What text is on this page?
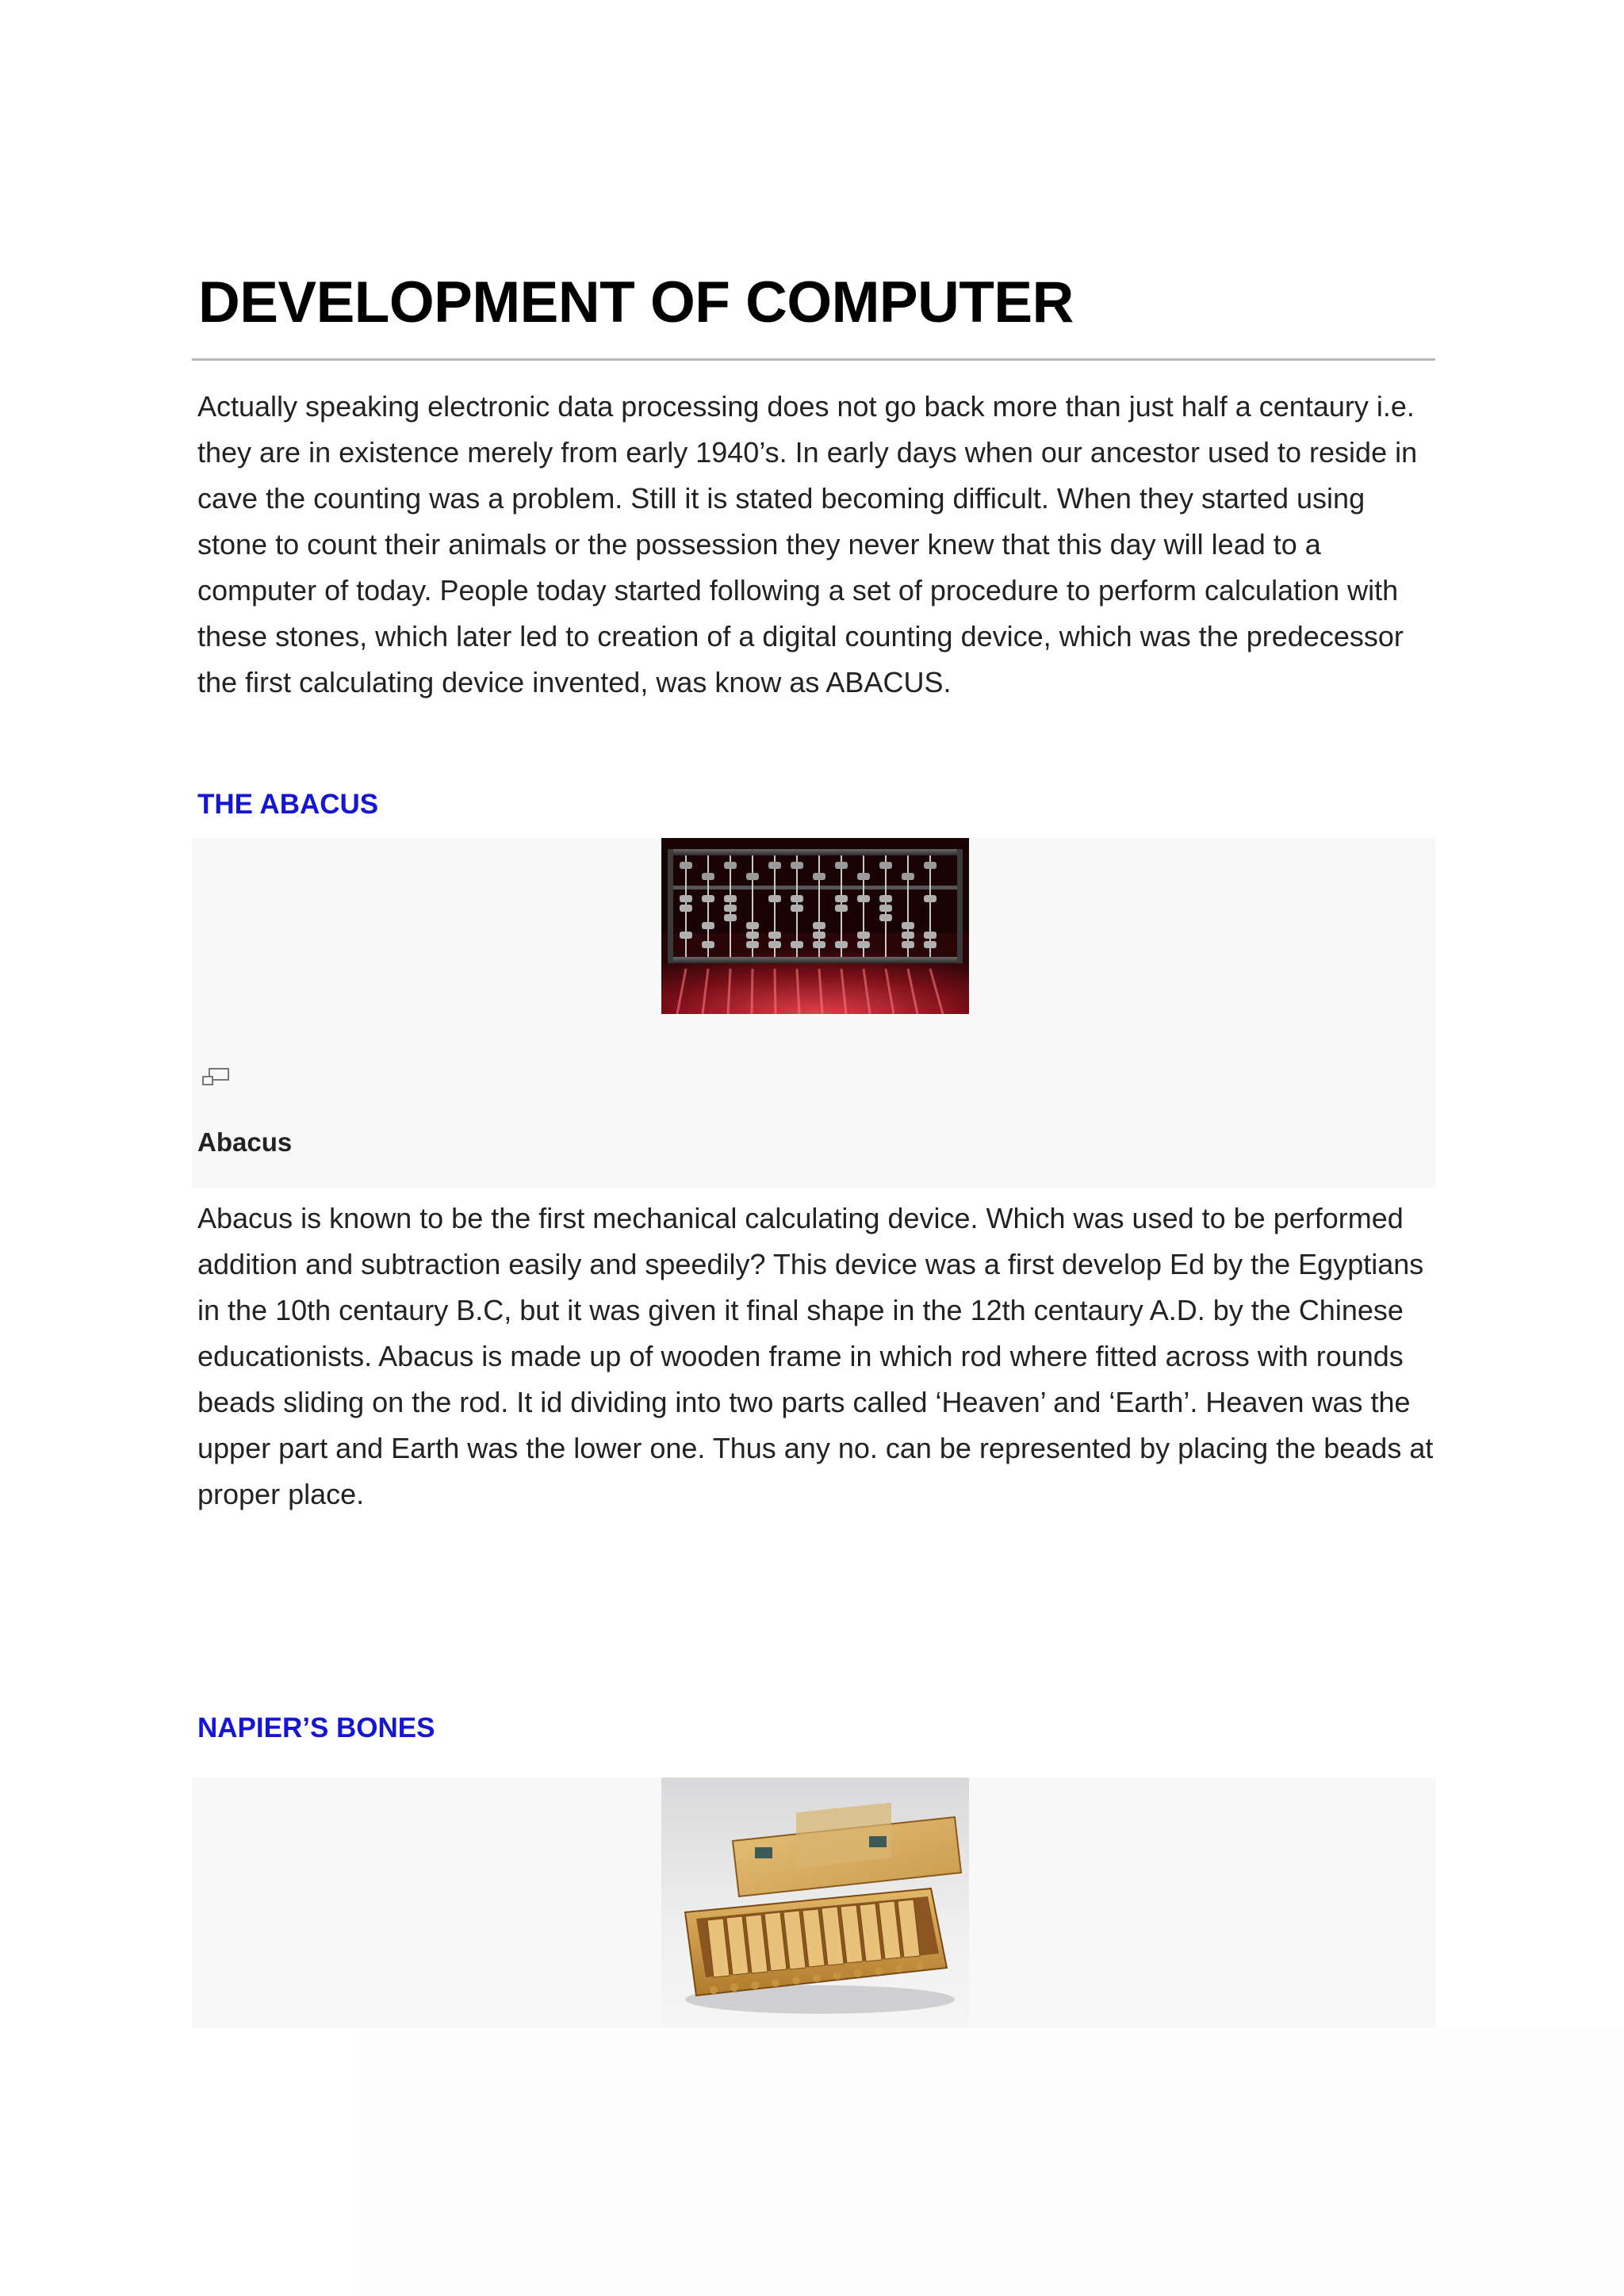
DEVELOPMENT OF COMPUTER

Actually speaking electronic data processing does not go back more than just half a centaury i.e. they are in existence merely from early 1940’s. In early days when our ancestor used to reside in cave the counting was a problem. Still it is stated becoming difficult. When they started using stone to count their animals or the possession they never knew that this day will lead to a computer of today. People today started following a set of procedure to perform calculation with these stones, which later led to creation of a digital counting device, which was the predecessor the first calculating device invented, was know as ABACUS.

THE ABACUS
Abacus

Abacus is known to be the first mechanical calculating device. Which was used to be performed addition and subtraction easily and speedily? This device was a first develop Ed by the Egyptians in the 10th centaury B.C, but it was given it final shape in the 12th centaury A.D. by the Chinese educationists. Abacus is made up of wooden frame in which rod where fitted across with rounds beads sliding on the rod. It id dividing into two parts called ‘Heaven’ and ‘Earth’. Heaven was the upper part and Earth was the lower one. Thus any no. can be represented by placing the beads at proper place.

NAPIER’S BONES
